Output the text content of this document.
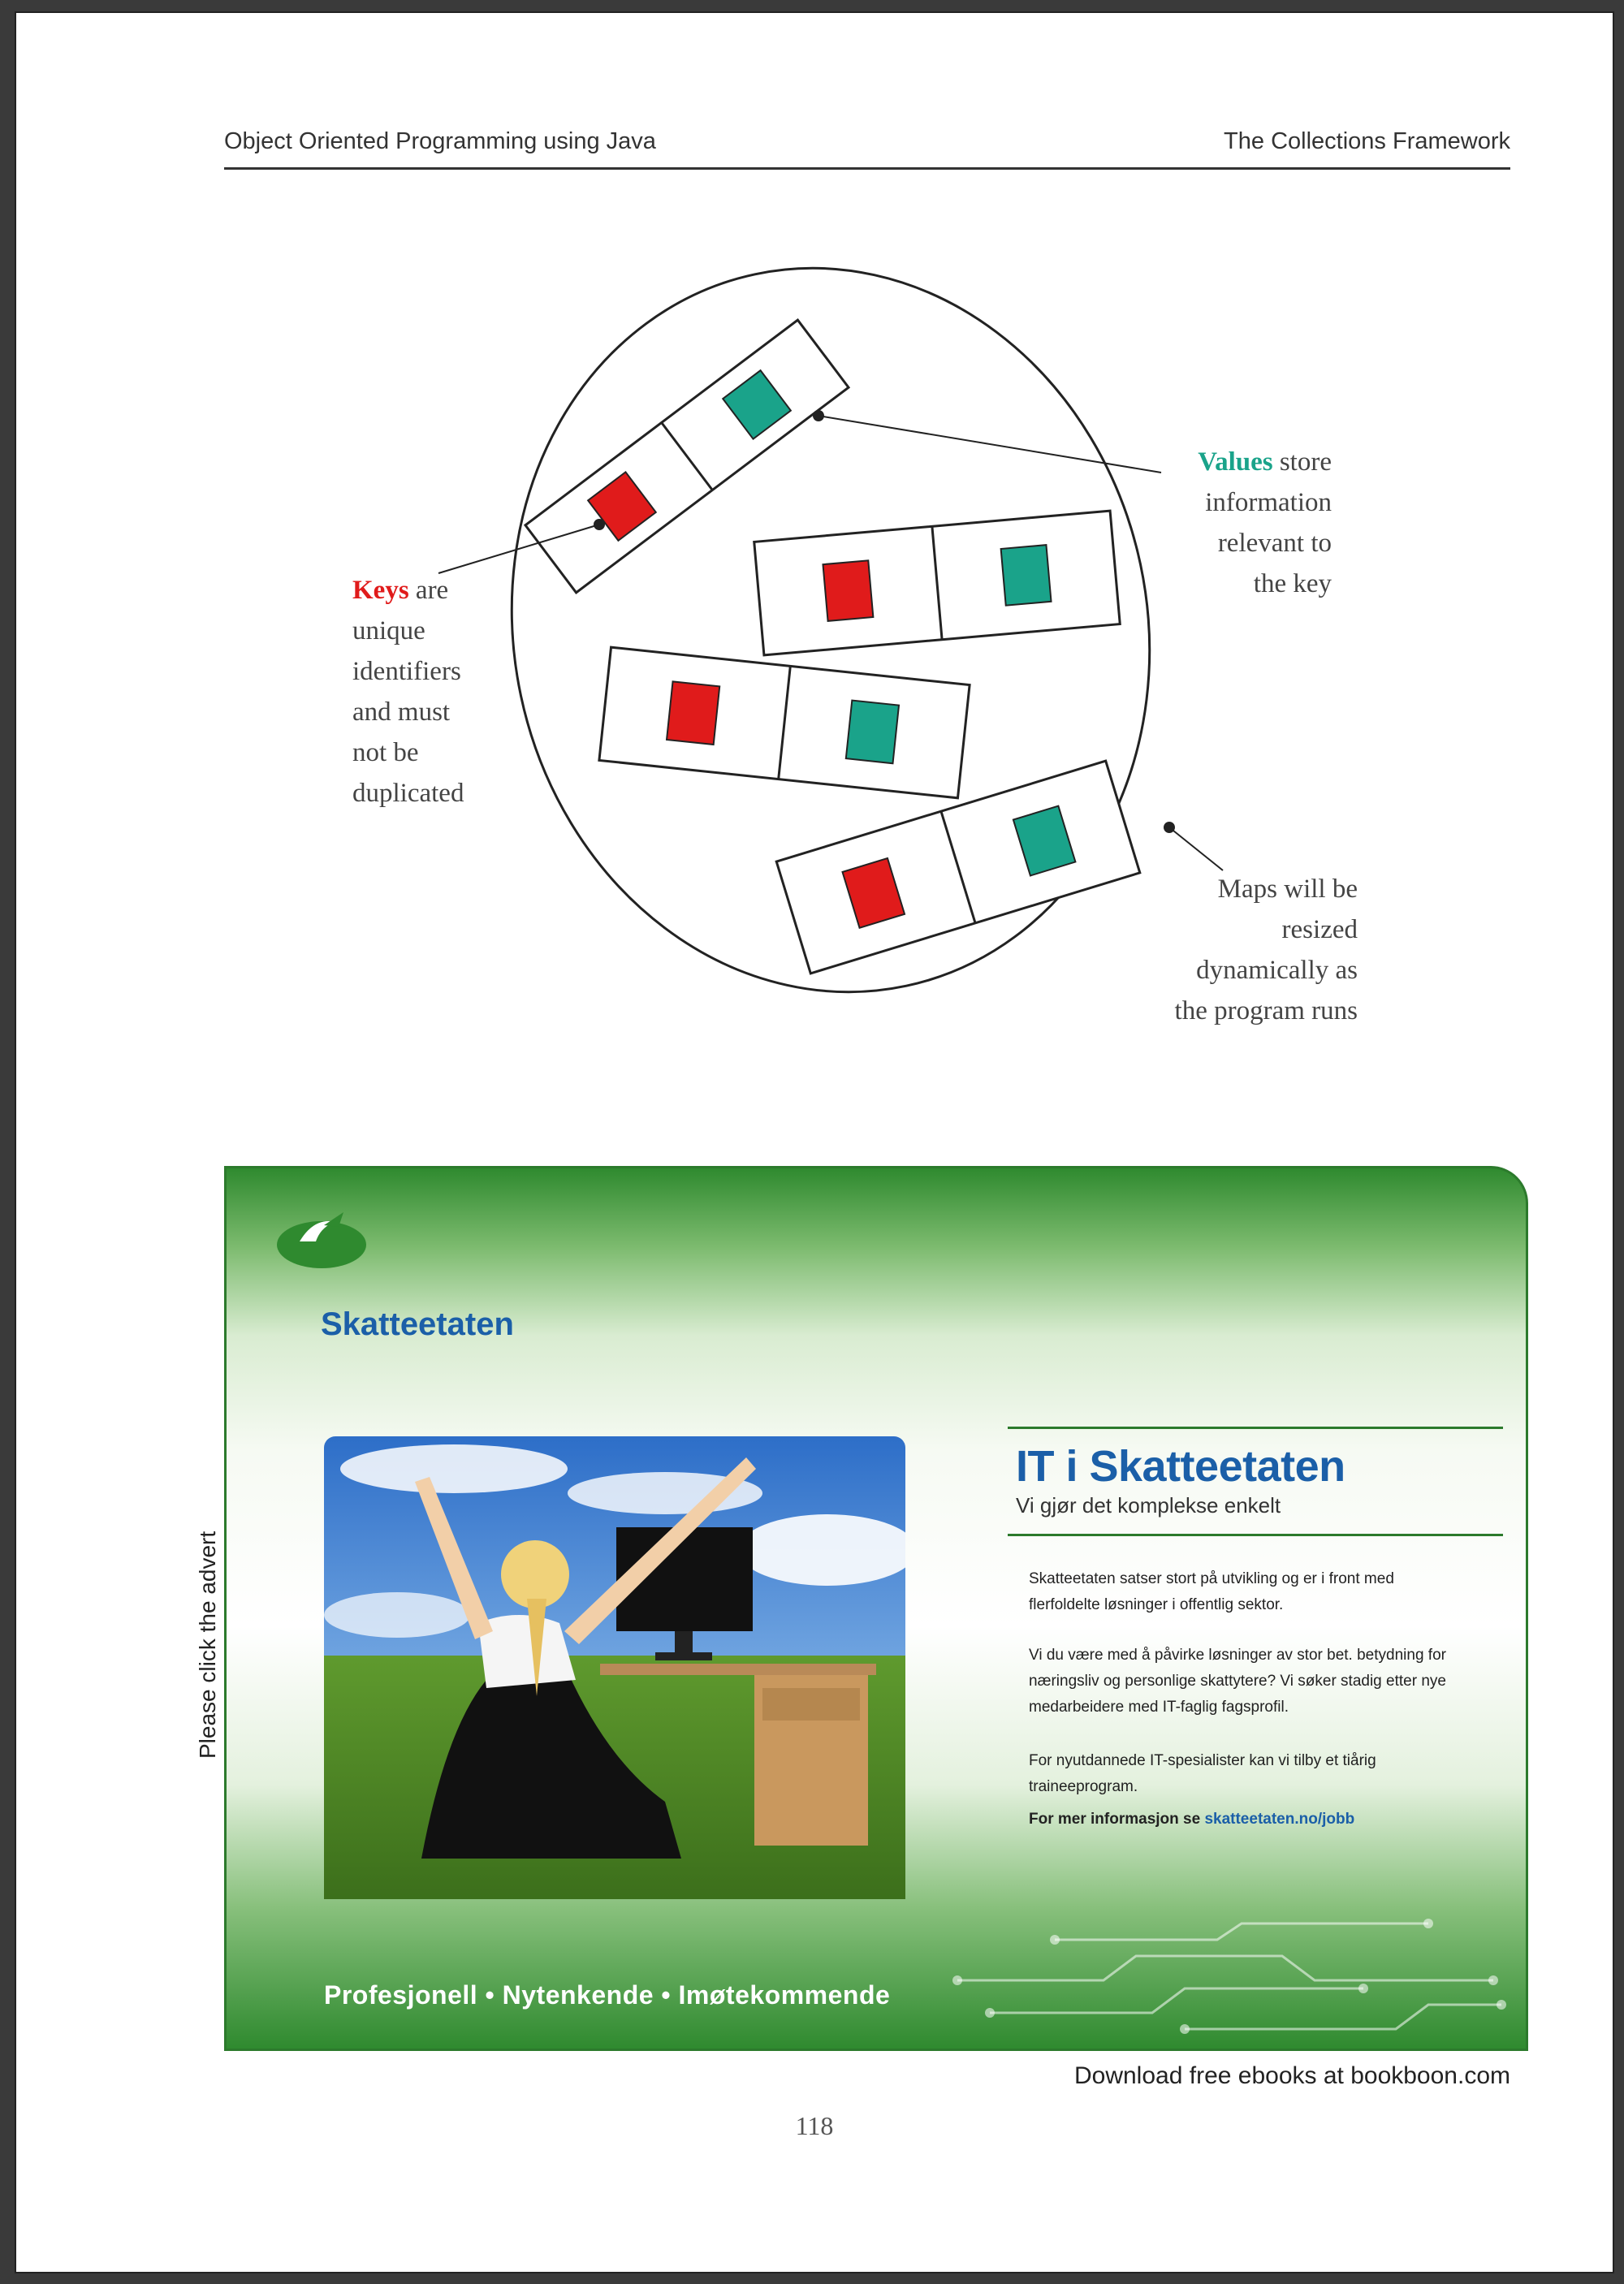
Object Oriented Programming using Java	The Collections Framework
Keys are
unique
identifiers
and must
not be
duplicated
Values store
information
relevant to
the key
Maps will be
resized
dynamically as
the program runs
Skatteetaten
IT i Skatteetaten
Vi gjør det komplekse enkelt
Skatteetaten satser stort på utvikling og er i front med flerfoldelte løsninger i offentlig sektor.
Vi du være med å påvirke løsninger av stor bet. betydning for næringsliv og personlige skattytere? Vi søker stadig etter nye medarbeidere med IT-faglig fagsprofil.
For nyutdannede IT-spesialister kan vi tilby et tiårig traineeprogram.
For mer informasjon se skatteetaten.no/jobb
Profesjonell • Nytenkende • Imøtekommende
Please click the advert
Download free ebooks at bookboon.com
118
